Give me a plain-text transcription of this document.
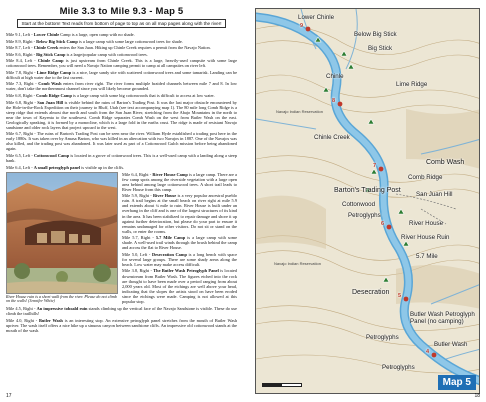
Mile 3.3 to Mile 9.3 - Map 5
Start at the bottom! Text reads from bottom of page to top as on all map pages along with the river!

Mile 9.1, Left - Lower Chinle Camp is a large, open camp with no shade.

Mile 8.9, Right - Below Big Stick Camp is a large camp with some large cottonwood trees for shade.

Mile 8.7, Left - Chinle Creek enters the San Juan. Hiking up Chinle Creek requires a permit from the Navajo Nation.

Mile 8.6, Right - Big Stick Camp is a large/popular camp with cottonwood trees.

Mile 8.4, Left - Chinle Camp is just upstream from Chinle Creek. This is a large, heavily-used campsite with some large cottonwood trees. Remember, you will need a Navajo Nation camping permit to camp at all campsites on river left.

Mile 7.8, Right - Lime Ridge Camp is a nice, large sandy site with scattered cottonwood trees and some tamarisk. Landing can be difficult at high water due to the fast current.

Mile 7.3, Right - Comb Wash enters from river right. The river forms multiple braided channels between mile 7 and 8. In low water, don't take the northernmost channel since you will likely become grounded.

Mile 6.8, Right - Comb Ridge Camp is a large camp with some big cottonwoods that is difficult to access at low water.

Mile 6.8, Right - San Juan Hill is visible behind the ruins of Barton's Trading Post. It was the last major obstacle encountered by the Hole-in-the-Rock Expedition on their journey to Bluff, Utah (see text accompanying map 1). The 80 mile long Comb Ridge is a steep ridge that extends almost due north and south from the San Juan River, stretching from the Abajo Mountains in the north to near the town of Kayenta to the southwest. Comb Ridge separates Comb Wash on the west from Butler Wash on the east. Geologically speaking, it is formed by a monocline, which is a large fold in the earths crust. The ridge is made of resistant Navajo sandstone and older rock layers that project upward to the west.

Mile 6.7, Right - The ruins of Barton's Trading Post can be seen near the river. William Hyde established a trading post here in the early 1880s. It was taken over by Amasa Barton, who was killed in an altercation with two Navajos in 1887. One of the Navajos was also killed, and the trading post was abandoned. It was later used as part of a Cottonwood Gulch mission before being abandoned again.

Mile 6.5, Left - Cottonwood Camp is located in a grove of cottonwood trees. This is a well-used camp with a landing along a steep bank.

Mile 6.4, Left - A small petroglyph panel is visible up in the cliffs.

River House ruin is a short walk from the river. Please do not climb on the walls! (Jennifer White)

Mile 6.4, Right - River House Camp is a large camp. There are a few camp spots among the riverside vegetation with a large open area behind among large cottonwood trees. A short trail leads to River House from this camp.

Mile 5.9, Right - River House is a very popular ancestral pueblo ruin. A trail begins at the small beach on river right at mile 5.9 and extends about ¼ mile to ruin. River House is built under an overhang in the cliff and is one of the largest structures of its kind in the area. It has been stabilized to repair damage and shore it up against further deterioration, but please do your part to ensure it remains undamaged for other visitors. Do not sit or stand on the walls, or enter the rooms.

Mile 5.7, Right - 5.7 Mile Camp is a large camp with some shade. A well-used trail winds through the brush behind the camp and across the flat to River House.

Mile 5.0, Left - Desecration Camp is a long bench with space for several large groups. There are some shady areas along the beach. Low water may make access difficult.

Mile 3.8, Right - The Butler Wash Petroglyph Panel is located downstream from Butler Wash. The figures etched into the rock are thought to have been made over a period ranging from about 2,000 years old. Most of the etchings are well above your head, indicating that the slopes the artists stood on have been eroded since the etchings were made. Camping is not allowed at this popular stop.

Mile 4.5, Right - An impressive toboald ruin stands climbing up the vertical face of the Navajo Sandstone is visible. These do use climb the trailhills!

Mile 4.0, Right - Butler Wash is an interesting stop. An extensive petroglyph panel stretches from the mouth of Butler Wash upriver. The wash itself offers a nice hike up a sinuous canyon between sandstone cliffs. An impressive old cottonwood stands at the mouth of the wash.

17
9
8
7
6
5
4
Lower Chinle
Below Big Stick
Big Stick
Chinle
Lime Ridge
Navajo Indian Reservation
Chinle Creek
Comb Wash
Comb Ridge
Barton's Trading Post
San Juan Hill
Cottonwood
Petroglyphs
River House
River House Ruin
5.7 Mile
Navajo Indian Reservation
Desecration
Butler Wash Petroglyph Panel (no camping)
Petroglyphs
Butler Wash
Petroglyphs
Map 5
18
